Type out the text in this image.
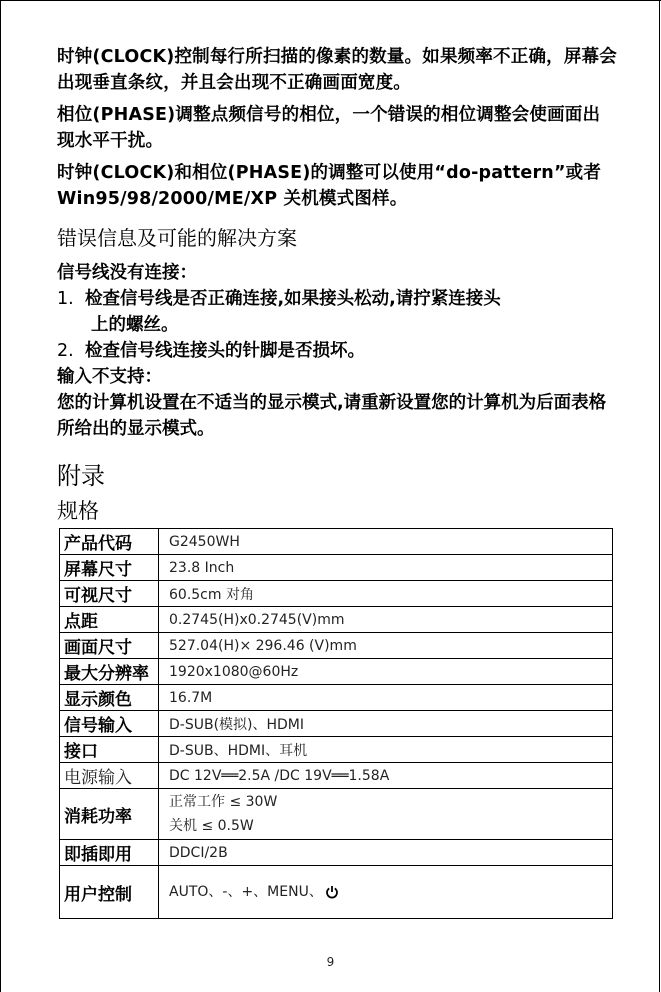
时钟(CLOCK)控制每行所扫描的像素的数量。如果频率不正确，屏幕会出现垂直条纹，并且会出现不正确画面宽度。

相位(PHASE)调整点频信号的相位，一个错误的相位调整会使画面出现水平干扰。

时钟(CLOCK)和相位(PHASE)的调整可以使用“do-pattern”或者 Win95/98/2000/ME/XP 关机模式图样。

错误信息及可能的解决方案

信号线没有连接：

1. 检查信号线是否正确连接,如果接头松动,请拧紧连接头

上的螺丝。

2. 检查信号线连接头的针脚是否损坏。

输入不支持：

您的计算机设置在不适当的显示模式,请重新设置您的计算机为后面表格所给出的显示模式。

附录
规格
产品代码	G2450WH
屏幕尺寸	23.8 Inch
可视尺寸	60.5cm 对角
点距	0.2745(H)x0.2745(V)mm
画面尺寸	527.04(H)× 296.46 (V)mm
最大分辨率	1920x1080@60Hz
显示颜色	16.7M
信号输入	D-SUB(模拟)、HDMI
接口	D-SUB、HDMI、耳机
电源输入	DC 12V══2.5A /DC 19V══1.58A
消耗功率	正常工作 ≤ 30W
关机 ≤ 0.5W

即插即用	DDCI/2B
用户控制	AUTO、-、+、MENU、
9
